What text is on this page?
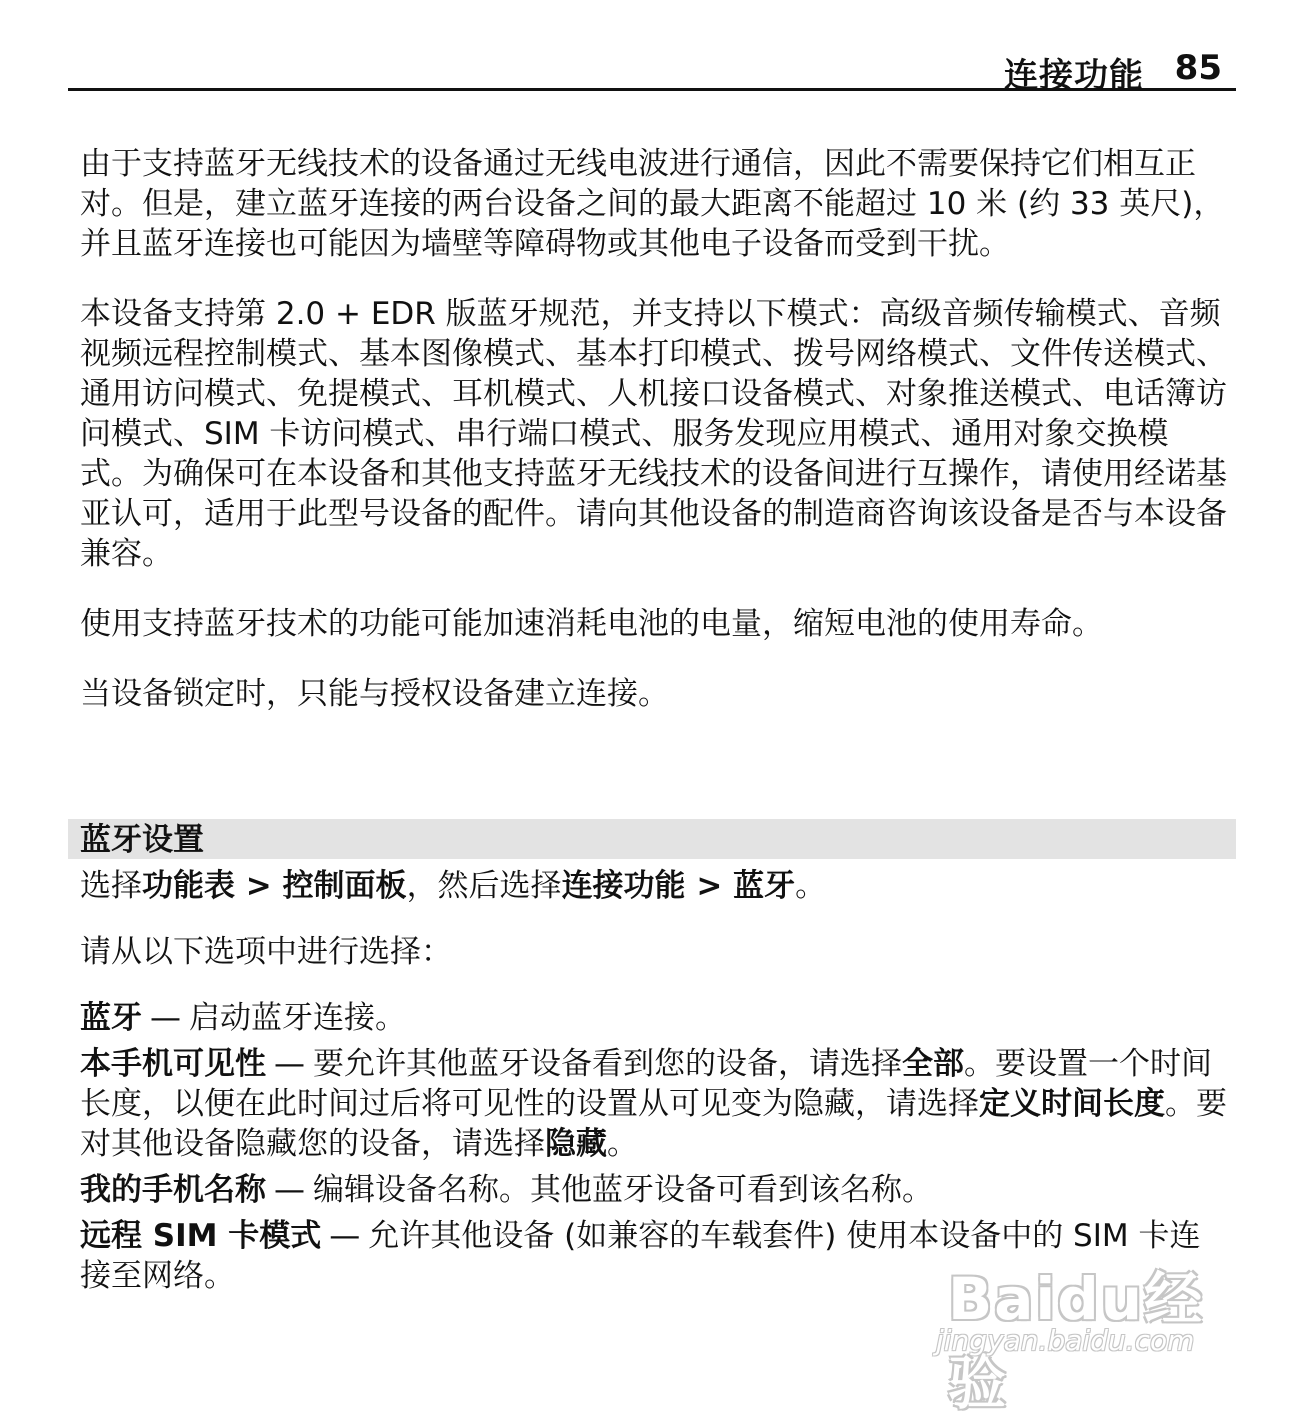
连接功能 85

由于支持蓝牙无线技术的设备通过无线电波进行通信，因此不需要保持它们相互正对。但是，建立蓝牙连接的两台设备之间的最大距离不能超过 10 米 (约 33 英尺)，并且蓝牙连接也可能因为墙壁等障碍物或其他电子设备而受到干扰。

本设备支持第 2.0 + EDR 版蓝牙规范，并支持以下模式：高级音频传输模式、音频视频远程控制模式、基本图像模式、基本打印模式、拨号网络模式、文件传送模式、通用访问模式、免提模式、耳机模式、人机接口设备模式、对象推送模式、电话簿访问模式、SIM 卡访问模式、串行端口模式、服务发现应用模式、通用对象交换模式。为确保可在本设备和其他支持蓝牙无线技术的设备间进行互操作，请使用经诺基亚认可，适用于此型号设备的配件。请向其他设备的制造商咨询该设备是否与本设备兼容。

使用支持蓝牙技术的功能可能加速消耗电池的电量，缩短电池的使用寿命。

当设备锁定时，只能与授权设备建立连接。

蓝牙设置

选择功能表 > 控制面板，然后选择连接功能 > 蓝牙。

请从以下选项中进行选择：

蓝牙 — 启动蓝牙连接。

本手机可见性 — 要允许其他蓝牙设备看到您的设备，请选择全部。要设置一个时间长度，以便在此时间过后将可见性的设置从可见变为隐藏，请选择定义时间长度。要对其他设备隐藏您的设备，请选择隐藏。

我的手机名称 — 编辑设备名称。其他蓝牙设备可看到该名称。

远程 SIM 卡模式 — 允许其他设备 (如兼容的车载套件) 使用本设备中的 SIM 卡连接至网络。	Baidu经验
jingyan.baidu.com
